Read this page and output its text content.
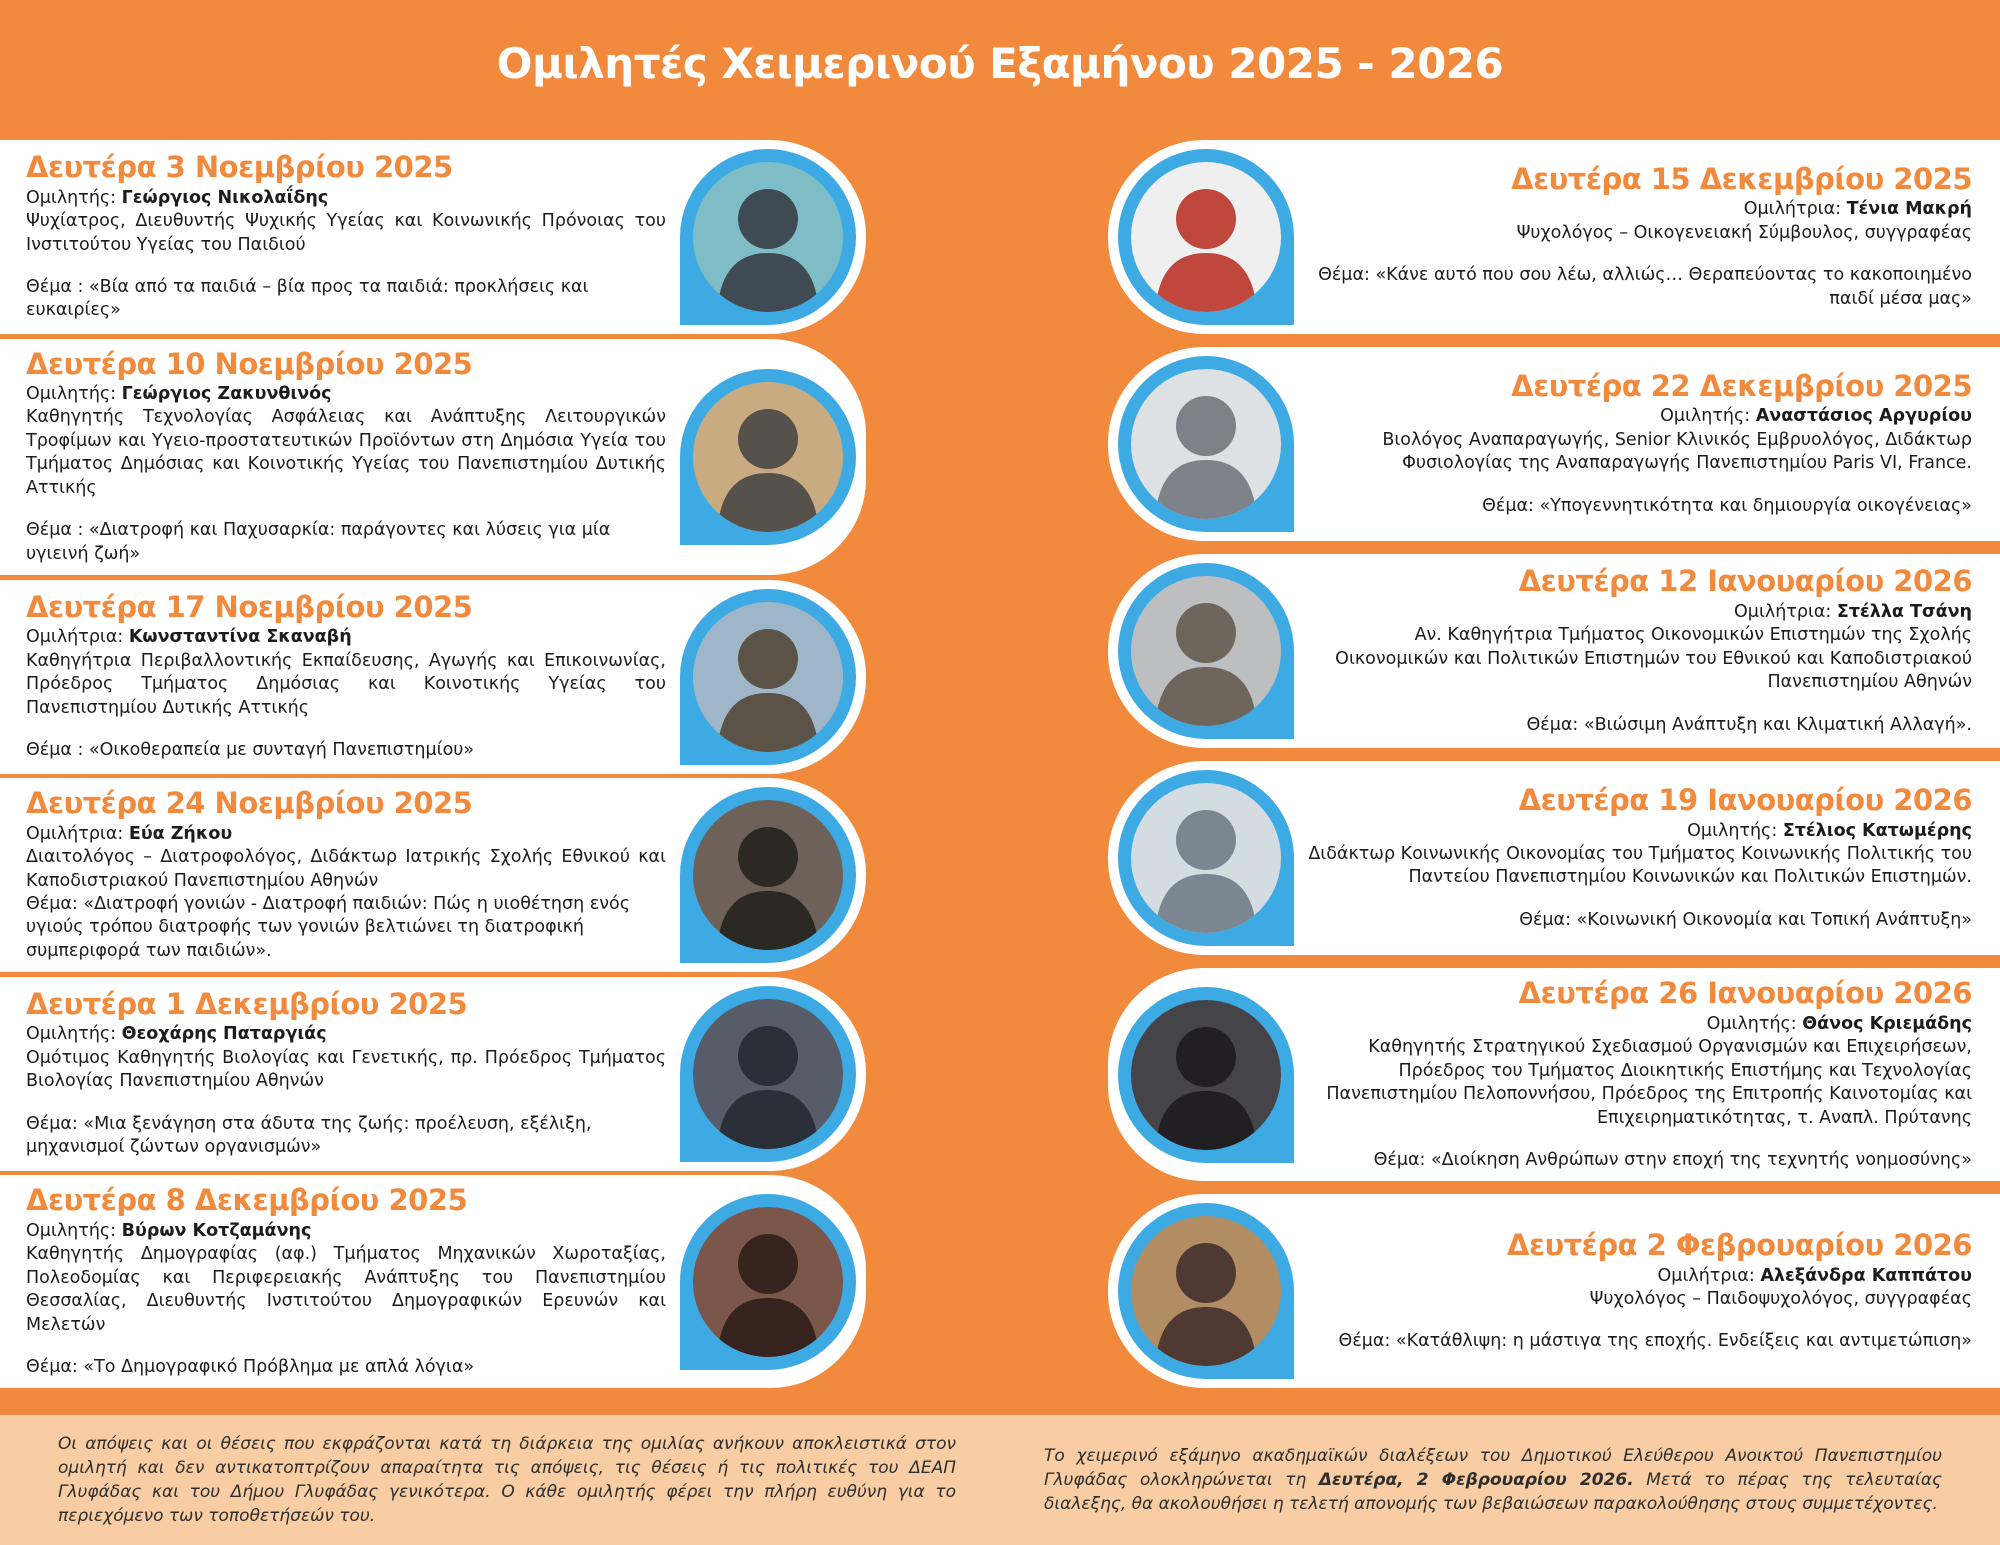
Ομιλητές Χειμερινού Εξαμήνου 2025 - 2026
Δευτέρα 3 Νοεμβρίου 2025

Ομιλητής: Γεώργιος Νικολαΐδης

Ψυχίατρος, Διευθυντής Ψυχικής Υγείας και Κοινωνικής Πρόνοιας του Ινστιτούτου Υγείας του Παιδιού

Θέμα : «Βία από τα παιδιά – βία προς τα παιδιά: προκλήσεις και ευκαιρίες»

Δευτέρα 10 Νοεμβρίου 2025

Ομιλητής: Γεώργιος Ζακυνθινός

Καθηγητής Τεχνολογίας Ασφάλειας και Ανάπτυξης Λειτουργικών Τροφίμων και Υγειο-προστατευτικών Προϊόντων στη Δημόσια Υγεία του Τμήματος Δημόσιας και Κοινοτικής Υγείας του Πανεπιστημίου Δυτικής Αττικής

Θέμα : «Διατροφή και Παχυσαρκία: παράγοντες και λύσεις για μία υγιεινή ζωή»

Δευτέρα 17 Νοεμβρίου 2025

Ομιλήτρια: Κωνσταντίνα Σκαναβή

Καθηγήτρια Περιβαλλοντικής Εκπαίδευσης, Αγωγής και Επικοινωνίας, Πρόεδρος Τμήματος Δημόσιας και Κοινοτικής Υγείας του Πανεπιστημίου Δυτικής Αττικής

Θέμα : «Οικοθεραπεία με συνταγή Πανεπιστημίου»

Δευτέρα 24 Νοεμβρίου 2025

Ομιλήτρια: Εύα Ζήκου

Διαιτολόγος – Διατροφολόγος, Διδάκτωρ Ιατρικής Σχολής Εθνικού και Καποδιστριακού Πανεπιστημίου Αθηνών

Θέμα: «Διατροφή γονιών - Διατροφή παιδιών: Πώς η υιοθέτηση ενός υγιούς τρόπου διατροφής των γονιών βελτιώνει τη διατροφική συμπεριφορά των παιδιών».

Δευτέρα 1 Δεκεμβρίου 2025

Ομιλητής: Θεοχάρης Παταργιάς

Ομότιμος Καθηγητής Βιολογίας και Γενετικής, πρ. Πρόεδρος Τμήματος Βιολογίας Πανεπιστημίου Αθηνών

Θέμα: «Μια ξενάγηση στα άδυτα της ζωής: προέλευση, εξέλιξη, μηχανισμοί ζώντων οργανισμών»

Δευτέρα 8 Δεκεμβρίου 2025

Ομιλητής: Βύρων Κοτζαμάνης

Καθηγητής Δημογραφίας (αφ.) Τμήματος Μηχανικών Χωροταξίας, Πολεοδομίας και Περιφερειακής Ανάπτυξης του Πανεπιστημίου Θεσσαλίας, Διευθυντής Ινστιτούτου Δημογραφικών Ερευνών και Μελετών

Θέμα: «Το Δημογραφικό Πρόβλημα με απλά λόγια»

Δευτέρα 15 Δεκεμβρίου 2025

Ομιλήτρια: Τένια Μακρή

Ψυχολόγος – Οικογενειακή Σύμβουλος, συγγραφέας

Θέμα: «Κάνε αυτό που σου λέω, αλλιώς… Θεραπεύοντας το κακοποιημένο παιδί μέσα μας»

Δευτέρα 22 Δεκεμβρίου 2025

Ομιλητής: Αναστάσιος Αργυρίου

Βιολόγος Αναπαραγωγής, Senior Κλινικός Εμβρυολόγος, Διδάκτωρ Φυσιολογίας της Αναπαραγωγής Πανεπιστημίου Paris VI, France.

Θέμα: «Υπογεννητικότητα και δημιουργία οικογένειας»

Δευτέρα 12 Ιανουαρίου 2026

Ομιλήτρια: Στέλλα Τσάνη

Αν. Καθηγήτρια Τμήματος Οικονομικών Επιστημών της Σχολής Οικονομικών και Πολιτικών Επιστημών του Εθνικού και Καποδιστριακού Πανεπιστημίου Αθηνών

Θέμα: «Βιώσιμη Ανάπτυξη και Κλιματική Αλλαγή».

Δευτέρα 19 Ιανουαρίου 2026

Ομιλητής: Στέλιος Κατωμέρης

Διδάκτωρ Κοινωνικής Οικονομίας του Τμήματος Κοινωνικής Πολιτικής του Παντείου Πανεπιστημίου Κοινωνικών και Πολιτικών Επιστημών.

Θέμα: «Κοινωνική Οικονομία και Τοπική Ανάπτυξη»

Δευτέρα 26 Ιανουαρίου 2026

Ομιλητής: Θάνος Κριεμάδης

Καθηγητής Στρατηγικού Σχεδιασμού Οργανισμών και Επιχειρήσεων, Πρόεδρος του Τμήματος Διοικητικής Επιστήμης και Τεχνολογίας Πανεπιστημίου Πελοποννήσου, Πρόεδρος της Επιτροπής Καινοτομίας και Επιχειρηματικότητας, τ. Αναπλ. Πρύτανης

Θέμα: «Διοίκηση Ανθρώπων στην εποχή της τεχνητής νοημοσύνης»

Δευτέρα 2 Φεβρουαρίου 2026

Ομιλήτρια: Αλεξάνδρα Καππάτου

Ψυχολόγος – Παιδοψυχολόγος, συγγραφέας

Θέμα: «Κατάθλιψη: η μάστιγα της εποχής. Ενδείξεις και αντιμετώπιση»

Οι απόψεις και οι θέσεις που εκφράζονται κατά τη διάρκεια της ομιλίας ανήκουν αποκλειστικά στον ομιλητή και δεν αντικατοπτρίζουν απαραίτητα τις απόψεις, τις θέσεις ή τις πολιτικές του ΔΕΑΠ Γλυφάδας και του Δήμου Γλυφάδας γενικότερα. Ο κάθε ομιλητής φέρει την πλήρη ευθύνη για το περιεχόμενο των τοποθετήσεών του.

Το χειμερινό εξάμηνο ακαδημαϊκών διαλέξεων του Δημοτικού Ελεύθερου Ανοικτού Πανεπιστημίου Γλυφάδας ολοκληρώνεται τη Δευτέρα, 2 Φεβρουαρίου 2026. Μετά το πέρας της τελευταίας διαλεξης, θα ακολουθήσει η τελετή απονομής των βεβαιώσεων παρακολούθησης στους συμμετέχοντες.
